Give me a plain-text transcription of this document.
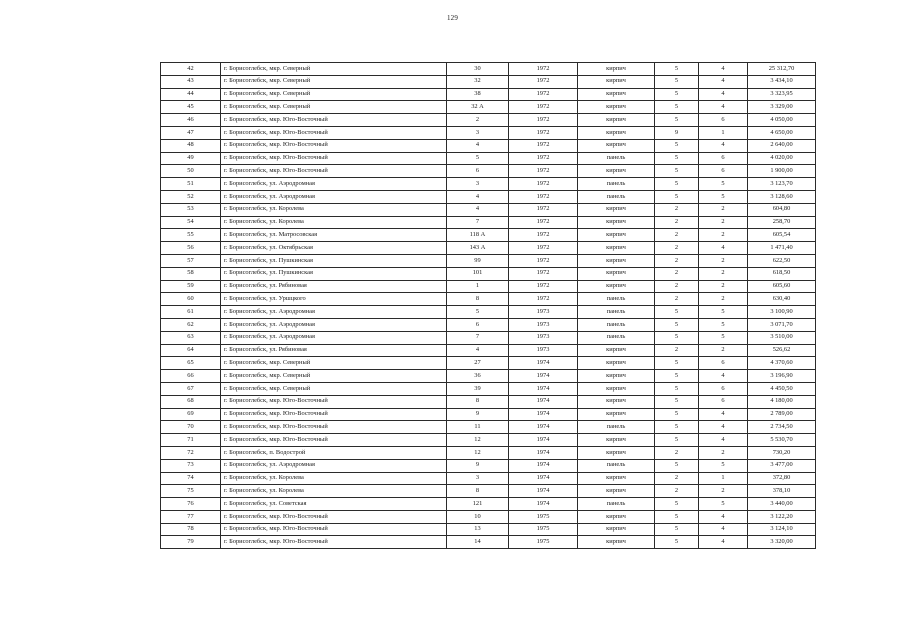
129
42	г. Борисоглебск, мкр. Северный	30	1972	кирпич	5	4	25 312,70
43	г. Борисоглебск, мкр. Северный	32	1972	кирпич	5	4	3 434,10
44	г. Борисоглебск, мкр. Северный	38	1972	кирпич	5	4	3 323,95
45	г. Борисоглебск, мкр. Северный	32 А	1972	кирпич	5	4	3 329,00
46	г. Борисоглебск, мкр. Юго-Восточный	2	1972	кирпич	5	6	4 050,00
47	г. Борисоглебск, мкр. Юго-Восточный	3	1972	кирпич	9	1	4 650,00
48	г. Борисоглебск, мкр. Юго-Восточный	4	1972	кирпич	5	4	2 640,00
49	г. Борисоглебск, мкр. Юго-Восточный	5	1972	панель	5	6	4 020,00
50	г. Борисоглебск, мкр. Юго-Восточный	6	1972	кирпич	5	6	1 900,00
51	г. Борисоглебск, ул. Аэродромная	3	1972	панель	5	5	3 123,70
52	г. Борисоглебск, ул. Аэродромная	4	1972	панель	5	5	3 128,60
53	г. Борисоглебск, ул. Королева	4	1972	кирпич	2	2	604,80
54	г. Борисоглебск, ул. Королева	7	1972	кирпич	2	2	258,70
55	г. Борисоглебск, ул. Матросовская	118 А	1972	кирпич	2	2	605,54
56	г. Борисоглебск, ул. Октябрьская	143 А	1972	кирпич	2	4	1 471,40
57	г. Борисоглебск, ул. Пушкинская	99	1972	кирпич	2	2	622,50
58	г. Борисоглебск, ул. Пушкинская	101	1972	кирпич	2	2	618,50
59	г. Борисоглебск, ул. Рябиновая	1	1972	кирпич	2	2	605,60
60	г. Борисоглебск, ул. Уршцкого	8	1972	панель	2	2	630,40
61	г. Борисоглебск, ул. Аэродромная	5	1973	панель	5	5	3 100,90
62	г. Борисоглебск, ул. Аэродромная	6	1973	панель	5	5	3 071,70
63	г. Борисоглебск, ул. Аэродромная	7	1973	панель	5	5	3 510,00
64	г. Борисоглебск, ул. Рябиновая	4	1973	кирпич	2	2	526,62
65	г. Борисоглебск, мкр. Северный	27	1974	кирпич	5	6	4 370,60
66	г. Борисоглебск, мкр. Северный	36	1974	кирпич	5	4	3 196,90
67	г. Борисоглебск, мкр. Северный	39	1974	кирпич	5	6	4 450,50
68	г. Борисоглебск, мкр. Юго-Восточный	8	1974	кирпич	5	6	4 180,00
69	г. Борисоглебск, мкр. Юго-Восточный	9	1974	кирпич	5	4	2 789,00
70	г. Борисоглебск, мкр. Юго-Восточный	11	1974	панель	5	4	2 734,50
71	г. Борисоглебск, мкр. Юго-Восточный	12	1974	кирпич	5	4	5 530,70
72	г. Борисоглебск, п. Водострой	12	1974	кирпич	2	2	730,20
73	г. Борисоглебск, ул. Аэродромная	9	1974	панель	5	5	3 477,00
74	г. Борисоглебск, ул. Королева	3	1974	кирпич	2	1	372,80
75	г. Борисоглебск, ул. Королева	8	1974	кирпич	2	2	378,10
76	г. Борисоглебск, ул. Советская	121	1974	панель	5	5	3 440,00
77	г. Борисоглебск, мкр. Юго-Восточный	10	1975	кирпич	5	4	3 122,20
78	г. Борисоглебск, мкр. Юго-Восточный	13	1975	кирпич	5	4	3 124,10
79	г. Борисоглебск, мкр. Юго-Восточный	14	1975	кирпич	5	4	3 320,00
